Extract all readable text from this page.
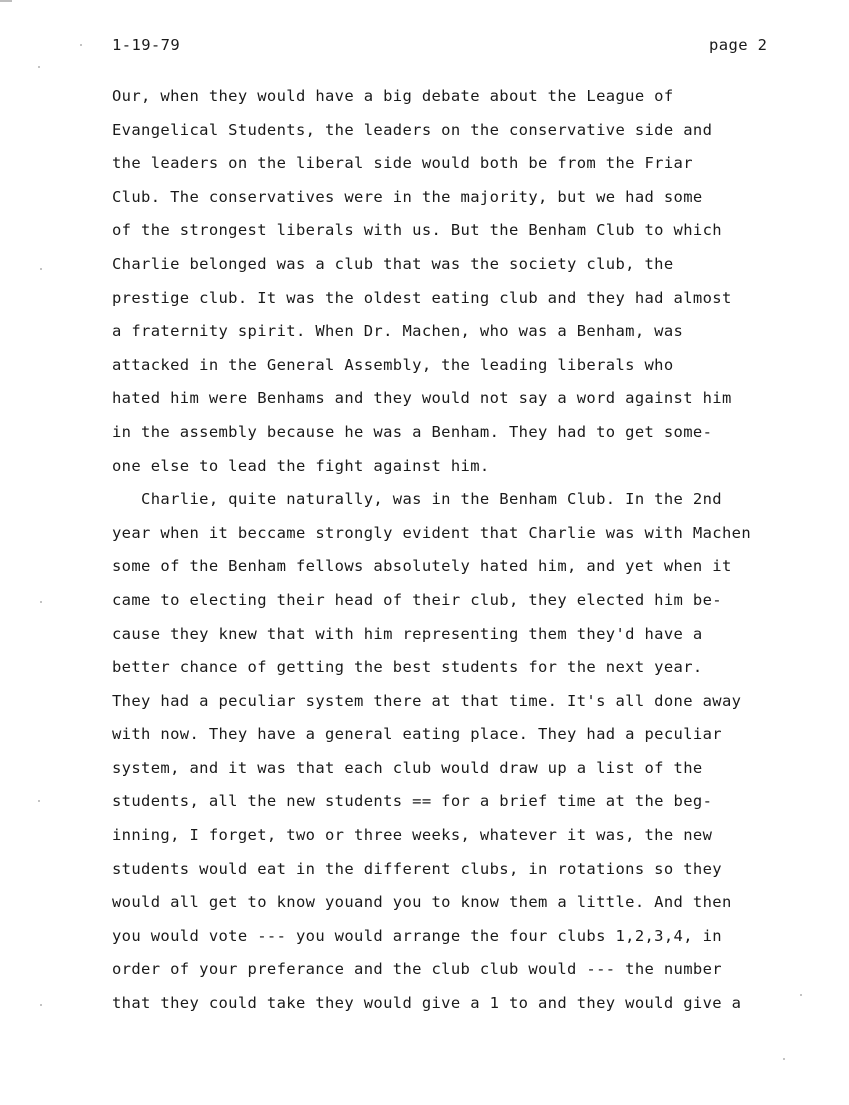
1-19-79	page 2
Our, when they would have a big debate about the League of
Evangelical Students, the leaders on the conservative side and
the leaders on the liberal side would both be from the Friar
Club. The conservatives were in the majority, but we had some
of the strongest liberals with us. But the Benham Club to which
Charlie belonged was a club that was the society club, the
prestige club. It was the oldest eating club and they had almost
a fraternity spirit. When Dr. Machen, who was a Benham, was
attacked in the General Assembly, the leading liberals who
hated him were Benhams and they would not say a word against him
in the assembly because he was a Benham. They had to get some-
one else to lead the fight against him.
Charlie, quite naturally, was in the Benham Club. In the 2nd
year when it beccame strongly evident that Charlie was with Machen
some of the Benham fellows absolutely hated him, and yet when it
came to electing their head of their club, they elected him be-
cause they knew that with him representing them they'd have a
better chance of getting the best students for the next year.
They had a peculiar system there at that time. It's all done away
with now. They have a general eating place. They had a peculiar
system, and it was that each club would draw up a list of the
students, all the new students == for a brief time at the beg-
inning, I forget, two or three weeks, whatever it was, the new
students would eat in the different clubs, in rotations so they
would all get to know youand you to know them a little. And then
you would vote --- you would arrange the four clubs 1,2,3,4, in
order of your preferance and the club club would --- the number
that they could take they would give a 1 to and they would give a
